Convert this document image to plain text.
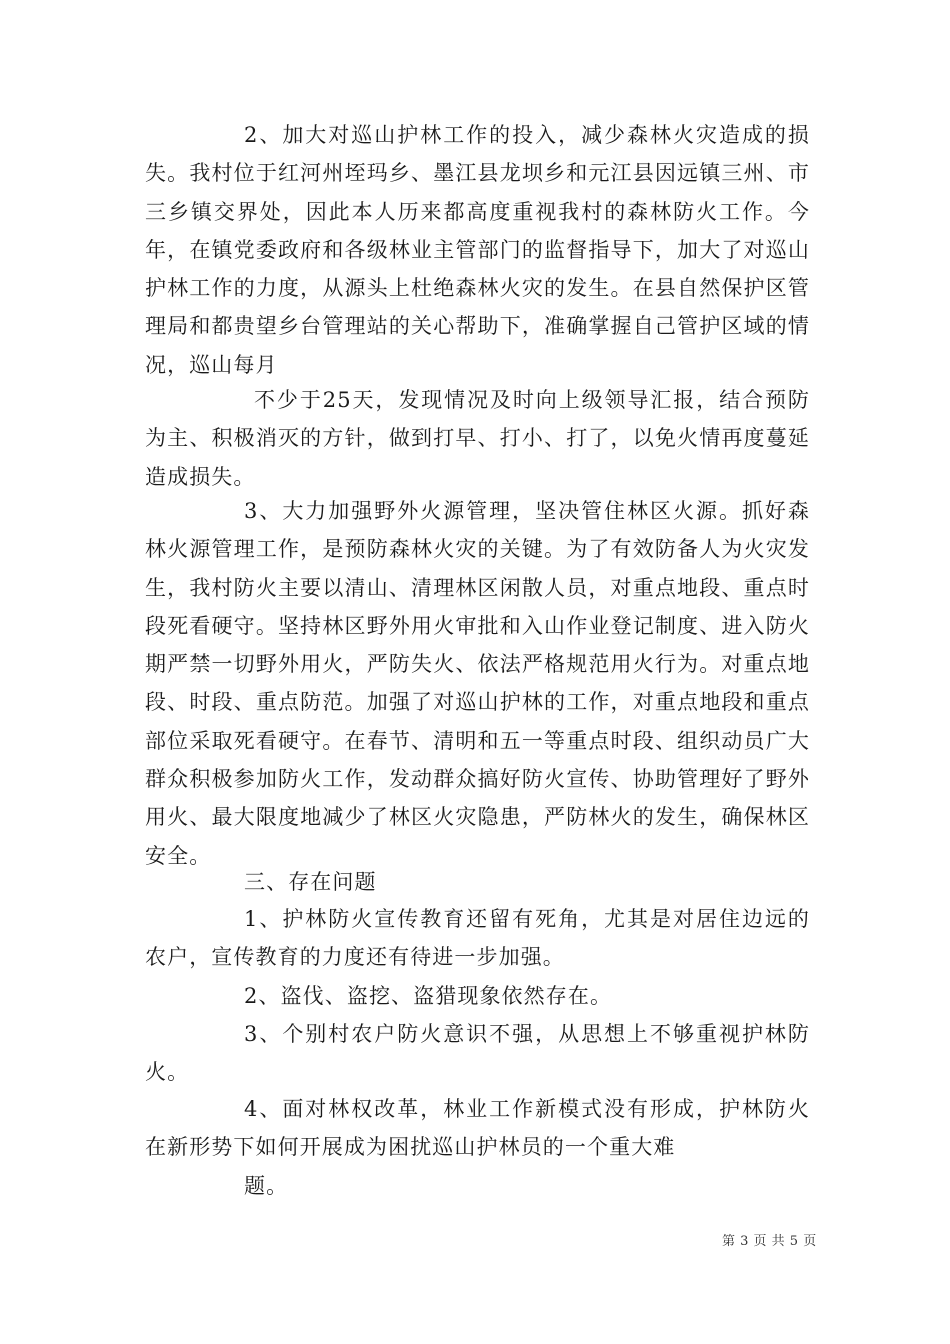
2、加大对巡山护林工作的投入，减少森林火灾造成的损失。我村位于红河州垤玛乡、墨江县龙坝乡和元江县因远镇三州、市三乡镇交界处，因此本人历来都高度重视我村的森林防火工作。今年，在镇党委政府和各级林业主管部门的监督指导下，加大了对巡山护林工作的力度，从源头上杜绝森林火灾的发生。在县自然保护区管理局和都贵望乡台管理站的关心帮助下，准确掌握自己管护区域的情况，巡山每月

不少于25天，发现情况及时向上级领导汇报，结合预防为主、积极消灭的方针，做到打早、打小、打了，以免火情再度蔓延造成损失。

3、大力加强野外火源管理，坚决管住林区火源。抓好森林火源管理工作，是预防森林火灾的关键。为了有效防备人为火灾发生，我村防火主要以清山、清理林区闲散人员，对重点地段、重点时段死看硬守。坚持林区野外用火审批和入山作业登记制度、进入防火期严禁一切野外用火，严防失火、依法严格规范用火行为。对重点地段、时段、重点防范。加强了对巡山护林的工作，对重点地段和重点部位采取死看硬守。在春节、清明和五一等重点时段、组织动员广大群众积极参加防火工作，发动群众搞好防火宣传、协助管理好了野外用火、最大限度地减少了林区火灾隐患，严防林火的发生，确保林区安全。

三、存在问题

1、护林防火宣传教育还留有死角，尤其是对居住边远的农户，宣传教育的力度还有待进一步加强。

2、盗伐、盗挖、盗猎现象依然存在。

3、个别村农户防火意识不强，从思想上不够重视护林防火。

4、面对林权改革，林业工作新模式没有形成，护林防火在新形势下如何开展成为困扰巡山护林员的一个重大难

题。

第 3 页 共 5 页
